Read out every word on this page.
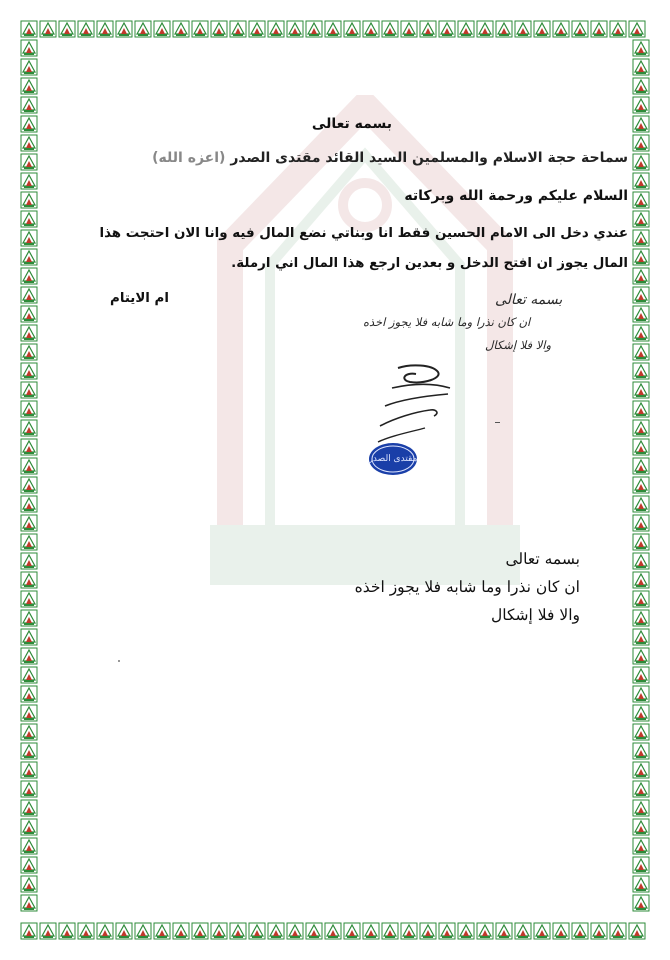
بسمه تعالى
سماحة حجة الاسلام والمسلمين السيد القائد مقتدى الصدر (اعزه الله)
السلام عليكم ورحمة الله وبركاته
عندي دخل الى الامام الحسين فقط انا وبناتي نضع المال فيه وانا الان احتجت هذا
المال يجوز ان افتح الدخل و بعدين ارجع هذا المال اني ارملة.
ام الايتام	بسمه تعالى
ان كان نذرا وما شابه فلا يجوز اخذه
والا فلا إشكال
مقتدى الصدر
بسمه تعالى
ان كان نذرا وما شابه فلا يجوز اخذه
والا فلا إشكال
